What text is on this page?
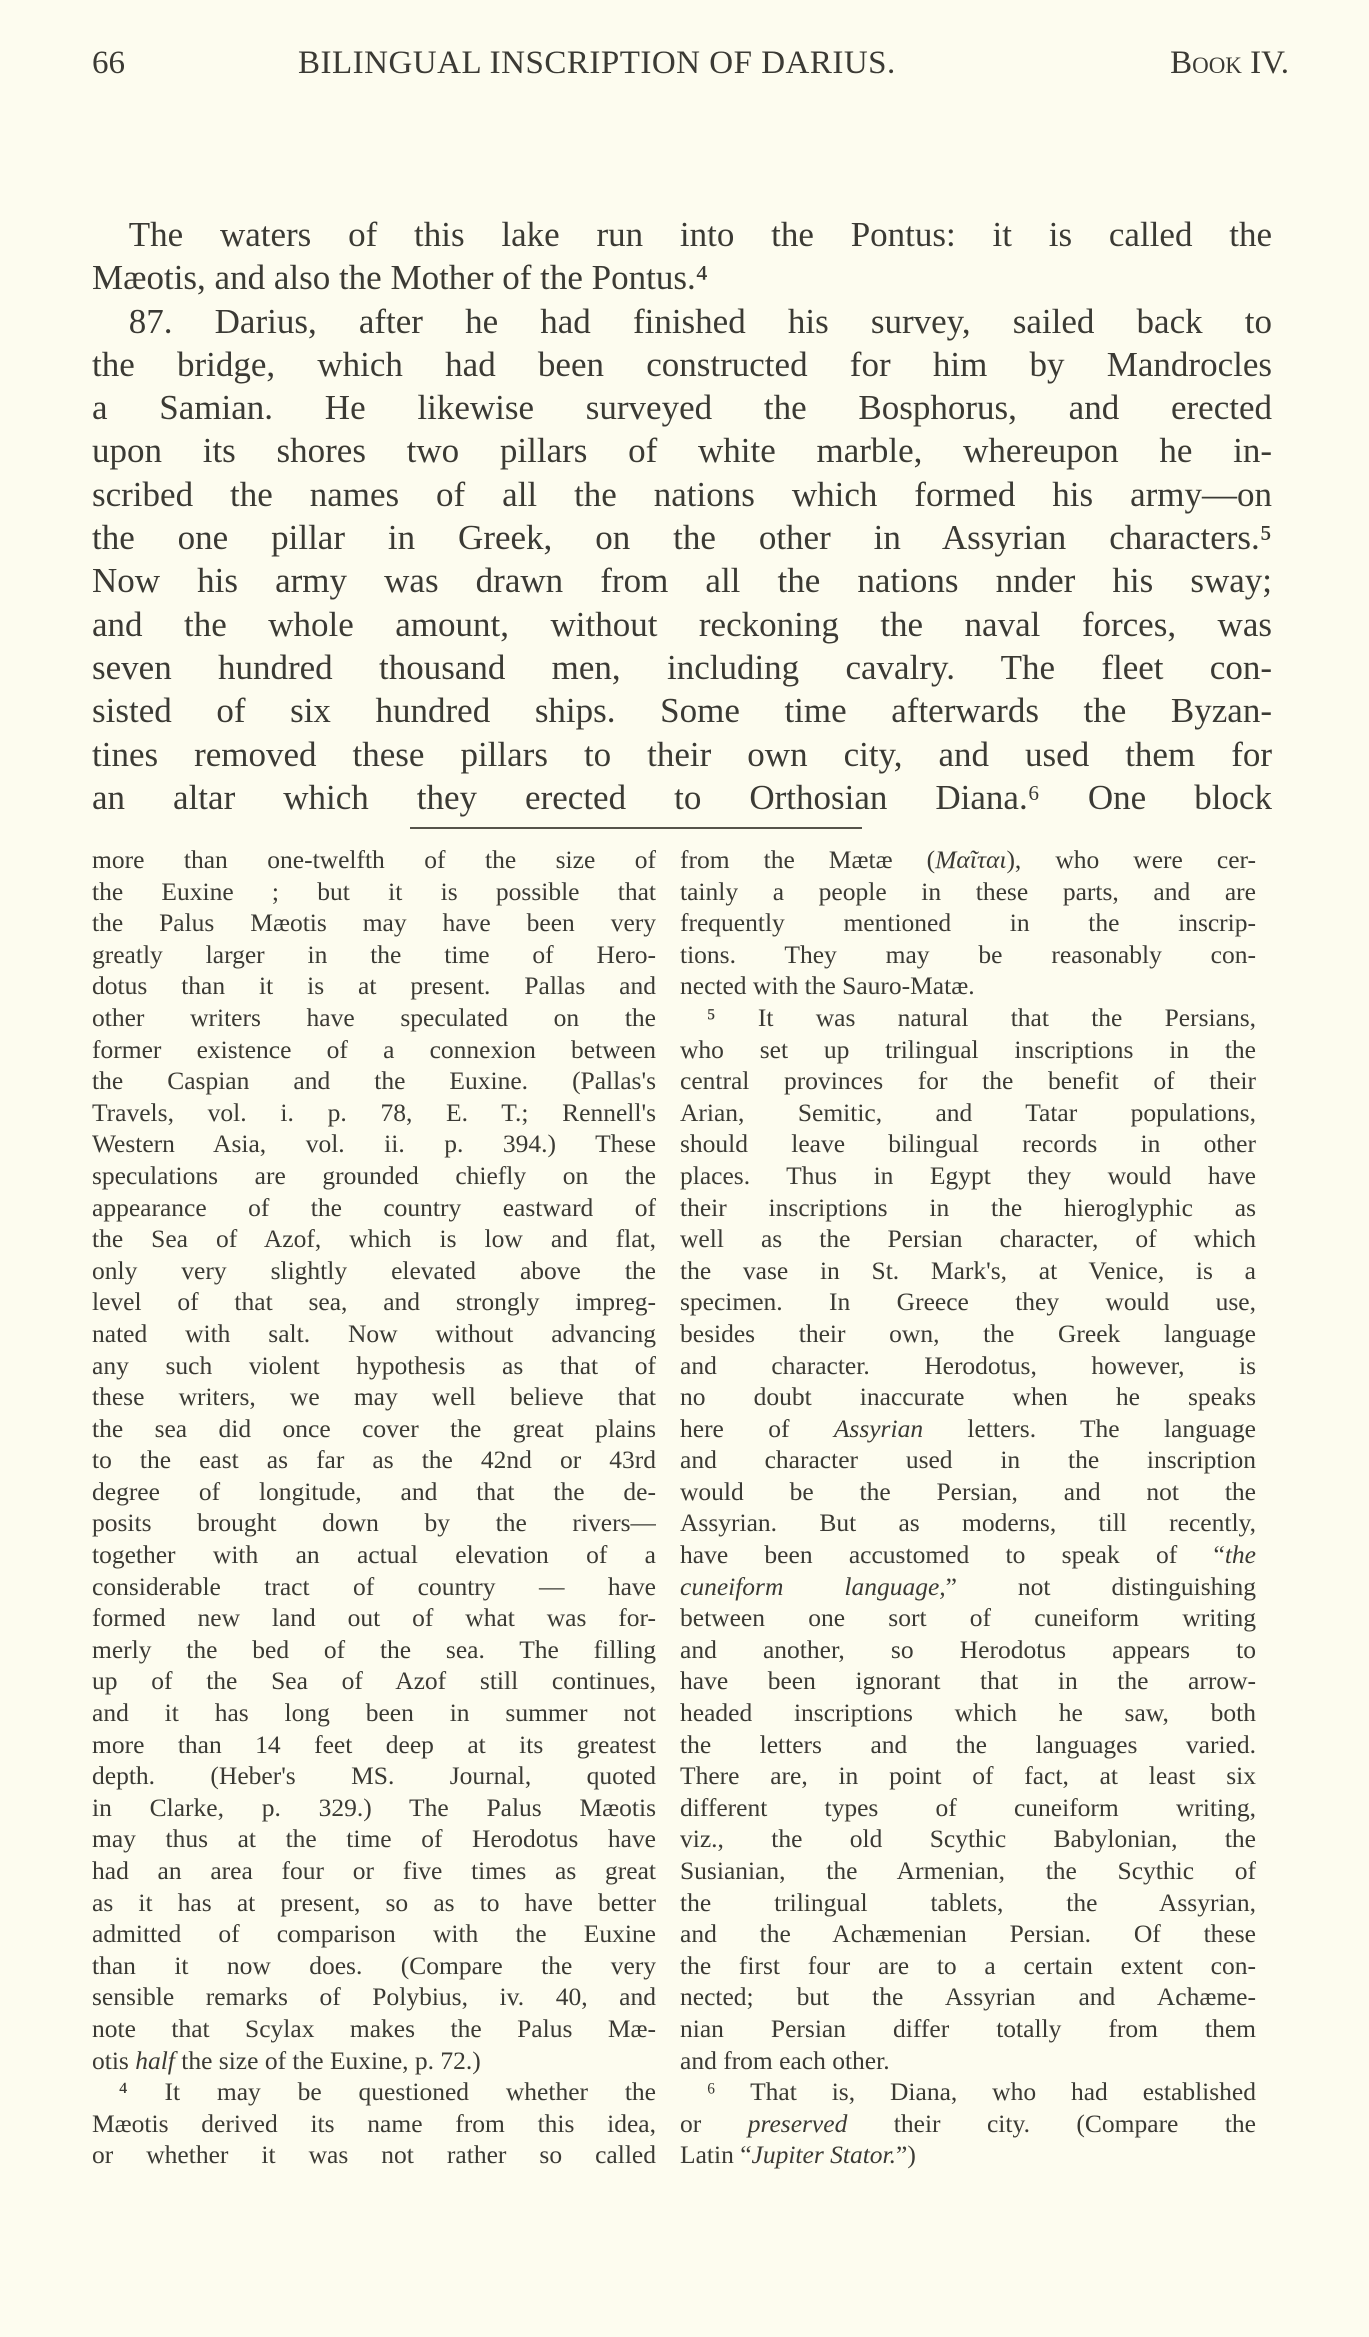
66	BILINGUAL INSCRIPTION OF DARIUS.	Book IV.
The waters of this lake run into the Pontus: it is called the
Mæotis, and also the Mother of the Pontus.⁴
87. Darius, after he had finished his survey, sailed back to
the bridge, which had been constructed for him by Mandrocles
a Samian. He likewise surveyed the Bosphorus, and erected
upon its shores two pillars of white marble, whereupon he in-
scribed the names of all the nations which formed his army—on
the one pillar in Greek, on the other in Assyrian characters.⁵
Now his army was drawn from all the nations nnder his sway;
and the whole amount, without reckoning the naval forces, was
seven hundred thousand men, including cavalry. The fleet con-
sisted of six hundred ships. Some time afterwards the Byzan-
tines removed these pillars to their own city, and used them for
an altar which they erected to Orthosian Diana.⁶ One block
more than one-twelfth of the size of
the Euxine ; but it is possible that
the Palus Mæotis may have been very
greatly larger in the time of Hero-
dotus than it is at present. Pallas and
other writers have speculated on the
former existence of a connexion between
the Caspian and the Euxine. (Pallas's
Travels, vol. i. p. 78, E. T.; Rennell's
Western Asia, vol. ii. p. 394.) These
speculations are grounded chiefly on the
appearance of the country eastward of
the Sea of Azof, which is low and flat,
only very slightly elevated above the
level of that sea, and strongly impreg-
nated with salt. Now without advancing
any such violent hypothesis as that of
these writers, we may well believe that
the sea did once cover the great plains
to the east as far as the 42nd or 43rd
degree of longitude, and that the de-
posits brought down by the rivers—
together with an actual elevation of a
considerable tract of country — have
formed new land out of what was for-
merly the bed of the sea. The filling
up of the Sea of Azof still continues,
and it has long been in summer not
more than 14 feet deep at its greatest
depth. (Heber's MS. Journal, quoted
in Clarke, p. 329.) The Palus Mæotis
may thus at the time of Herodotus have
had an area four or five times as great
as it has at present, so as to have better
admitted of comparison with the Euxine
than it now does. (Compare the very
sensible remarks of Polybius, iv. 40, and
note that Scylax makes the Palus Mæ-
otis half the size of the Euxine, p. 72.)
⁴ It may be questioned whether the
Mæotis derived its name from this idea,
or whether it was not rather so called
from the Mætæ (Μαῖται), who were cer-
tainly a people in these parts, and are
frequently mentioned in the inscrip-
tions. They may be reasonably con-
nected with the Sauro-Matæ.
⁵ It was natural that the Persians,
who set up trilingual inscriptions in the
central provinces for the benefit of their
Arian, Semitic, and Tatar populations,
should leave bilingual records in other
places. Thus in Egypt they would have
their inscriptions in the hieroglyphic as
well as the Persian character, of which
the vase in St. Mark's, at Venice, is a
specimen. In Greece they would use,
besides their own, the Greek language
and character. Herodotus, however, is
no doubt inaccurate when he speaks
here of Assyrian letters. The language
and character used in the inscription
would be the Persian, and not the
Assyrian. But as moderns, till recently,
have been accustomed to speak of “the
cuneiform language,” not distinguishing
between one sort of cuneiform writing
and another, so Herodotus appears to
have been ignorant that in the arrow-
headed inscriptions which he saw, both
the letters and the languages varied.
There are, in point of fact, at least six
different types of cuneiform writing,
viz., the old Scythic Babylonian, the
Susianian, the Armenian, the Scythic of
the trilingual tablets, the Assyrian,
and the Achæmenian Persian. Of these
the first four are to a certain extent con-
nected; but the Assyrian and Achæme-
nian Persian differ totally from them
and from each other.
⁶ That is, Diana, who had established
or preserved their city. (Compare the
Latin “Jupiter Stator.”)
